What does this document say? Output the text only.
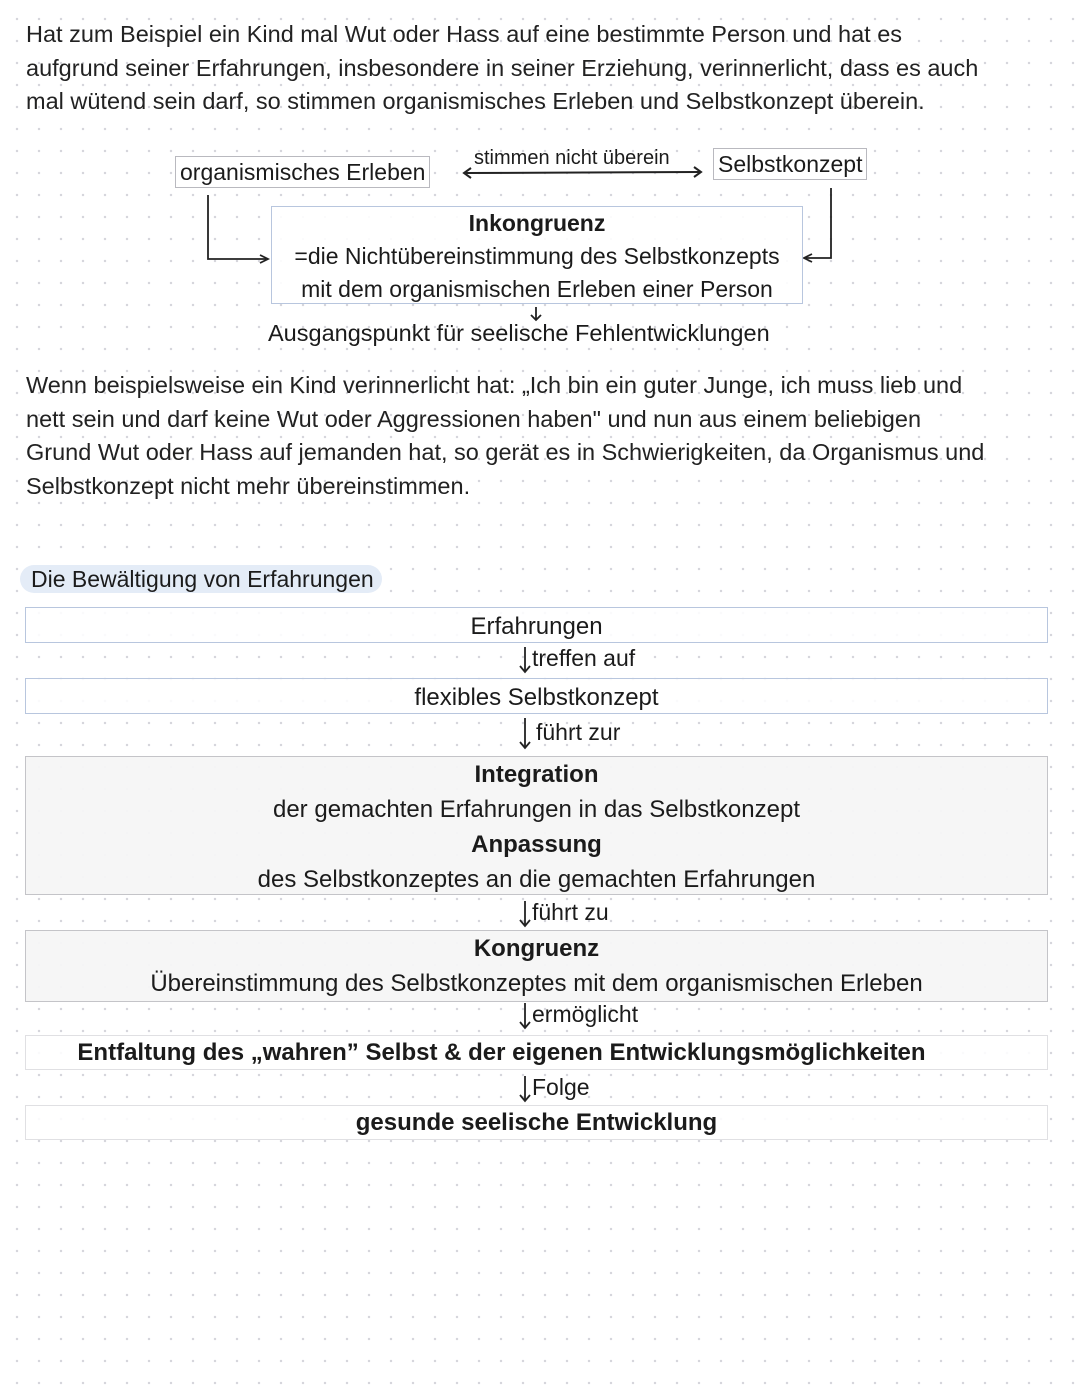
Hat zum Beispiel ein Kind mal Wut oder Hass auf eine bestimmte Person und hat es
aufgrund seiner Erfahrungen, insbesondere in seiner Erziehung, verinnerlicht, dass es auch
mal wütend sein darf, so stimmen organismisches Erleben und Selbstkonzept überein.
organismisches Erleben	Selbstkonzept
stimmen nicht überein
Inkongruenz
=die Nichtübereinstimmung des Selbstkonzepts
mit dem organismischen Erleben einer Person
Ausgangspunkt für seelische Fehlentwicklungen
Wenn beispielsweise ein Kind verinnerlicht hat: „Ich bin ein guter Junge, ich muss lieb und
nett sein und darf keine Wut oder Aggressionen haben" und nun aus einem beliebigen
Grund Wut oder Hass auf jemanden hat, so gerät es in Schwierigkeiten, da Organismus und
Selbstkonzept nicht mehr übereinstimmen.
Die Bewältigung von Erfahrungen
Erfahrungen
treffen auf
flexibles Selbstkonzept
führt zur
Integration
der gemachten Erfahrungen in das Selbstkonzept
Anpassung
des Selbstkonzeptes an die gemachten Erfahrungen
führt zu
Kongruenz
Übereinstimmung des Selbstkonzeptes mit dem organismischen Erleben
ermöglicht
Entfaltung des „wahren” Selbst & der eigenen Entwicklungsmöglichkeiten
Folge
gesunde seelische Entwicklung
